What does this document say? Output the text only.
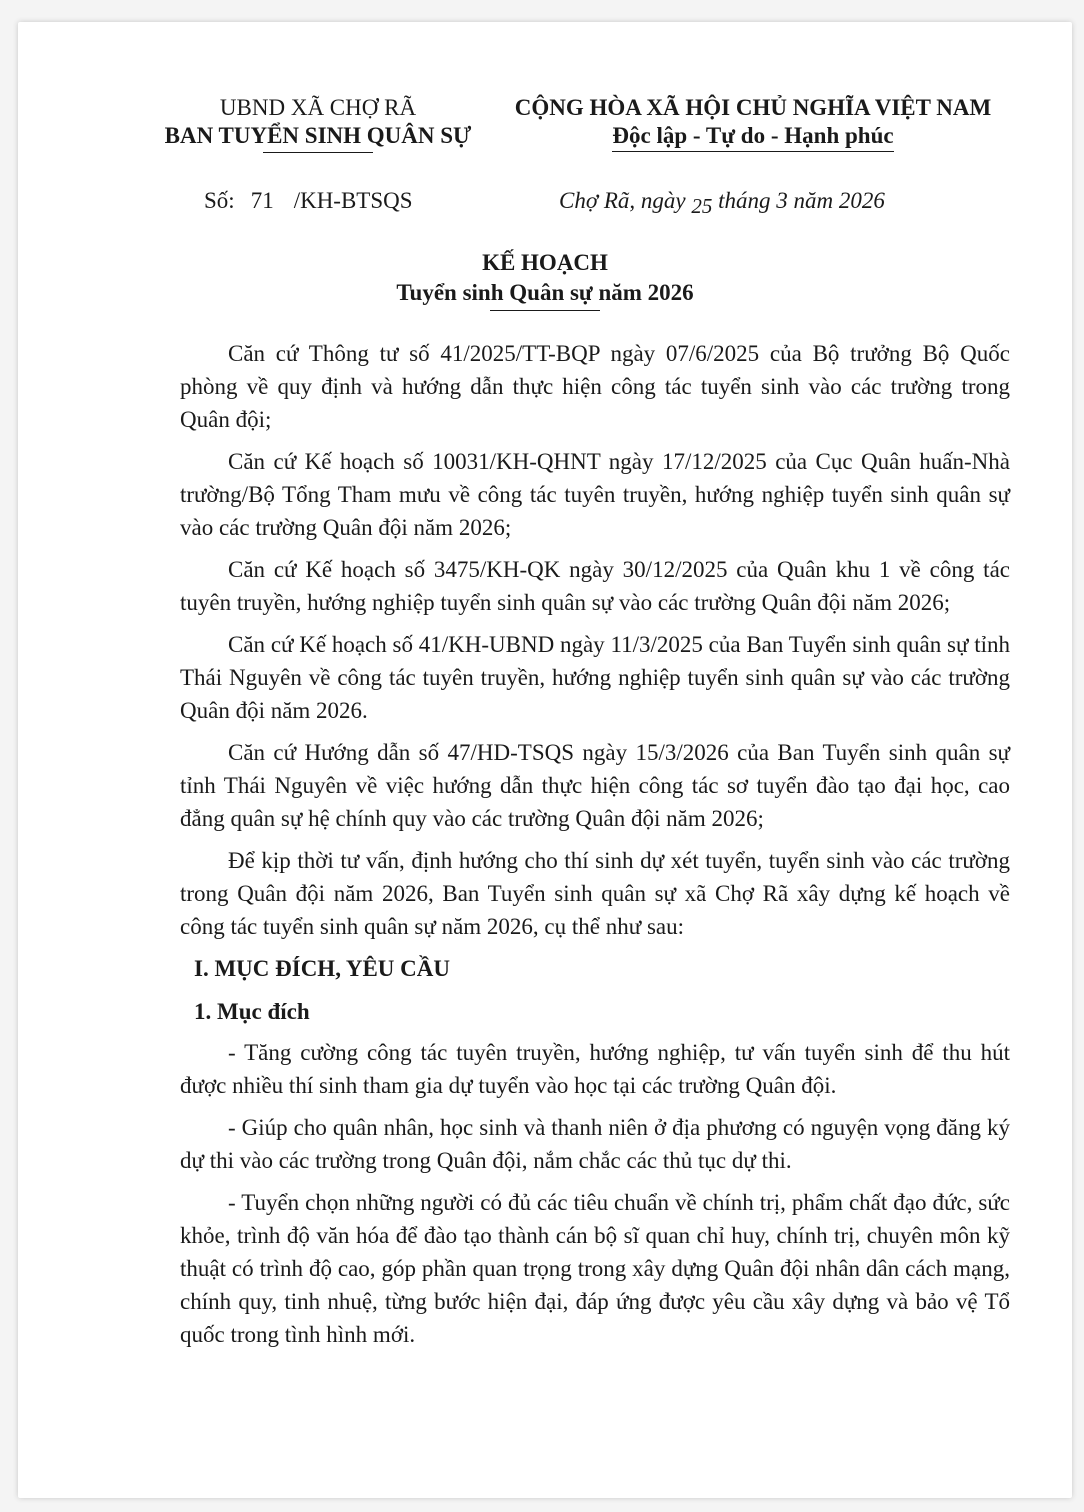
UBND XÃ CHỢ RÃ
BAN TUYỂN SINH QUÂN SỰ
CỘNG HÒA XÃ HỘI CHỦ NGHĨA VIỆT NAM
Độc lập - Tự do - Hạnh phúc
Số: 71 /KH-BTSQS	Chợ Rã, ngày 25 tháng 3 năm 2026
KẾ HOẠCH
Tuyển sinh Quân sự năm 2026

Căn cứ Thông tư số 41/2025/TT-BQP ngày 07/6/2025 của Bộ trưởng Bộ Quốc phòng về quy định và hướng dẫn thực hiện công tác tuyển sinh vào các trường trong Quân đội;

Căn cứ Kế hoạch số 10031/KH-QHNT ngày 17/12/2025 của Cục Quân huấn-Nhà trường/Bộ Tổng Tham mưu về công tác tuyên truyền, hướng nghiệp tuyển sinh quân sự vào các trường Quân đội năm 2026;

Căn cứ Kế hoạch số 3475/KH-QK ngày 30/12/2025 của Quân khu 1 về công tác tuyên truyền, hướng nghiệp tuyển sinh quân sự vào các trường Quân đội năm 2026;

Căn cứ Kế hoạch số 41/KH-UBND ngày 11/3/2025 của Ban Tuyển sinh quân sự tỉnh Thái Nguyên về công tác tuyên truyền, hướng nghiệp tuyển sinh quân sự vào các trường Quân đội năm 2026.

Căn cứ Hướng dẫn số 47/HD-TSQS ngày 15/3/2026 của Ban Tuyển sinh quân sự tỉnh Thái Nguyên về việc hướng dẫn thực hiện công tác sơ tuyển đào tạo đại học, cao đẳng quân sự hệ chính quy vào các trường Quân đội năm 2026;

Để kịp thời tư vấn, định hướng cho thí sinh dự xét tuyển, tuyển sinh vào các trường trong Quân đội năm 2026, Ban Tuyển sinh quân sự xã Chợ Rã xây dựng kế hoạch về công tác tuyển sinh quân sự năm 2026, cụ thể như sau:

I. MỤC ĐÍCH, YÊU CẦU
1. Mục đích

- Tăng cường công tác tuyên truyền, hướng nghiệp, tư vấn tuyển sinh để thu hút được nhiều thí sinh tham gia dự tuyển vào học tại các trường Quân đội.

- Giúp cho quân nhân, học sinh và thanh niên ở địa phương có nguyện vọng đăng ký dự thi vào các trường trong Quân đội, nắm chắc các thủ tục dự thi.

- Tuyển chọn những người có đủ các tiêu chuẩn về chính trị, phẩm chất đạo đức, sức khỏe, trình độ văn hóa để đào tạo thành cán bộ sĩ quan chỉ huy, chính trị, chuyên môn kỹ thuật có trình độ cao, góp phần quan trọng trong xây dựng Quân đội nhân dân cách mạng, chính quy, tinh nhuệ, từng bước hiện đại, đáp ứng được yêu cầu xây dựng và bảo vệ Tổ quốc trong tình hình mới.
